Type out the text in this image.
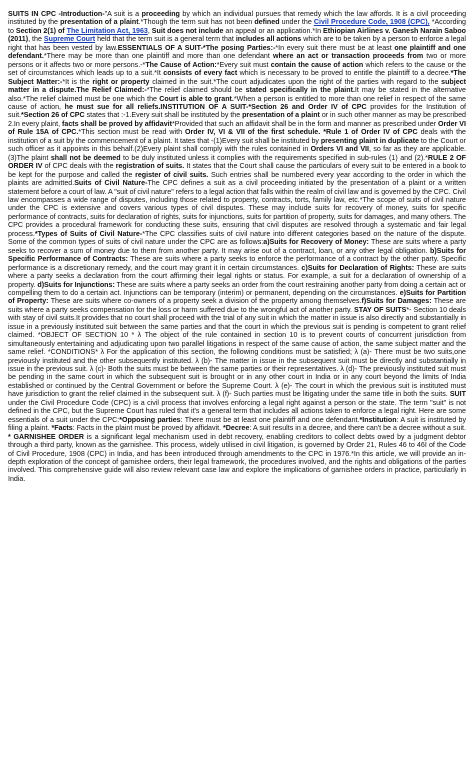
SUITS IN CPC -Introduction-"A suit is a proceeding by which an individual pursues that remedy which the law affords. It is a civil proceeding instituted by the presentation of a plaint.*Though the term suit has not been defined under the Civil Procedure Code, 1908 (CPC), *According to Section 2(1) of The Limitation Act, 1963, Suit does not include an appeal or an application.*In Ethiopian Airlines v. Ganesh Narain Saboo (2011), the Supreme Court held that the term suit is a general term that includes all actions which are to be taken by a person to enforce a legal right that has been vested by law.ESSENTIALS OF A SUIT-*The posing Parties:-*In every suit there must be at least one plaintiff and one defendant.*There may be more than one plaintiff and more than one defendant where an act or transaction proceeds from two or more persons or it affects two or more persons.-*The Cause of Action:*Every suit must contain the cause of action which refers to the cause or the set of circumstances which leads up to a suit.*It consists of every fact which is necessary to be proved to entitle the plaintiff to a decree.*The Subject Matter:-*It is the right or property claimed in the suit.*The court adjudicates upon the right of the parties with regard to the subject matter in a dispute.The Relief Claimed:-*The relief claimed should be stated specifically in the plaint.It may be stated in the alternative also.*The relief claimed must be one which the Court is able to grant.*When a person is entitled to more than one relief in respect of the same cause of action, he must sue for all reliefs.INSTITUTION OF A SUIT-*Section 26 and Order IV of CPC provides for the Institution of suit.*Section 26 of CPC states that :-1.Every suit shall be instituted by the presentation of a plaint or in such other manner as may be prescribed 2.In every plaint, facts shall be proved by affidavit*Provided that such an affidavit shall be in the form and manner as prescribed under Order VI of Rule 15A of CPC.*This section must be read with Order IV, VI & VII of the first schedule. *Rule 1 of Order IV of CPC deals with the institution of a suit by the commencement of a plaint. It tates that -(1)Every suit shall be instituted by presenting plaint in duplicate to the Court or such officer as it appoints in this behalf.(2)Every plaint shall comply with the rules contained in Orders VI and VII, so far as they are applicable.(3)The plaint shall not be deemed to be duly instituted unless it complies with the requirements specified in sub-rules (1) and (2).*RULE 2 OF ORDER IV of CPC deals with the registration of suits. It states that the Court shall cause the particulars of every suit to be entered in a book to be kept for the purpose and called the register of civil suits. Such entries shall be numbered every year according to the order in which the plaints are admitted.Suits of Civil Nature-The CPC defines a suit as a civil proceeding initiated by the presentation of a plaint or a written statement before a court of law. A "suit of civil nature" refers to a legal action that falls within the realm of civil law and is governed by the CPC. Civil law encompasses a wide range of disputes, including those related to property, contracts, torts, family law, etc.*The scope of suits of civil nature under the CPC is extensive and covers various types of civil disputes. These may include suits for recovery of money, suits for specific performance of contracts, suits for declaration of rights, suits for injunctions, suits for partition of property, suits for damages, and many others. The CPC provides a procedural framework for conducting these suits, ensuring that civil disputes are resolved through a systematic and fair legal process.*Types of Suits of Civil Nature-*The CPC classifies suits of civil nature into different categories based on the nature of the dispute. Some of the common types of suits of civil nature under the CPC are as follows:a)Suits for Recovery of Money: These are suits where a party seeks to recover a sum of money due to them from another party. It may arise out of a contract, loan, or any other legal obligation. b)Suits for Specific Performance of Contracts: These are suits where a party seeks to enforce the performance of a contract by the other party. Specific performance is a discretionary remedy, and the court may grant it in certain circumstances. c)Suits for Declaration of Rights: These are suits where a party seeks a declaration from the court affirming their legal rights or status. For example, a suit for a declaration of ownership of a property. d)Suits for Injunctions: These are suits where a party seeks an order from the court restraining another party from doing a certain act or compelling them to do a certain act. Injunctions can be temporary (interim) or permanent, depending on the circumstances. e)Suits for Partition of Property: These are suits where co-owners of a property seek a division of the property among themselves.f)Suits for Damages: These are suits where a party seeks compensation for the loss or harm suffered due to the wrongful act of another party. STAY OF SUITS*- Section 10 deals with stay of civil suits.It provides that no court shall proceed with the trial of any suit in which the matter in issue is also directly and substantially in issue in a previously instituted suit between the same parties and that the court in which the previous suit is pending is competent to grant relief claimed. *OBJECT OF SECTION 10 * λ The object of the rule contained in section 10 is to prevent courts of concurrent jurisdiction from simultaneously entertaining and adjudicating upon two parallel litigations in respect of the same cause of action, the same subject matter and the same relief. *CONDITIONS* λ For the application of this section, the following conditions must be satisfied; λ (a)- There must be two suits,one previously instituted and the other subsequently instituted. λ (b)- The matter in issue in the subsequent suit must be directly and substantially in issue in the previous suit. λ (c)- Both the suits must be between the same parties or their representatives. λ (d)- The previously instituted suit must be pending in the same court in which the subsequent suit is brought or in any other court in India or in any court beyond the limits of India established or continued by the Central Government or before the Supreme Court. λ (e)- The court in which the previous suit is instituted must have jurisdiction to grant the relief claimed in the subsequent suit. λ (f)- Such parties must be litigating under the same title in both the suits. SUIT under the Civil Procedure Code (CPC) is a civil process that involves enforcing a legal right against a person or the state. The term "suit" is not defined in the CPC, but the Supreme Court has ruled that it's a general term that includes all actions taken to enforce a legal right. Here are some essentials of a suit under the CPC:*Opposing parties: There must be at least one plaintiff and one defendant.*Institution: A suit is instituted by filing a plaint. *Facts: Facts in the plaint must be proved by affidavit. *Decree: A suit results in a decree, and there can't be a decree without a suit. * GARNISHEE ORDER is a significant legal mechanism used in debt recovery, enabling creditors to collect debts owed by a judgment debtor through a third party, known as the garnishee. This process, widely utilised in civil litigation, is governed by Order 21, Rules 46 to 46I of the Code of Civil Procedure, 1908 (CPC) in India, and has been introduced through amendments to the CPC in 1976.*In this article, we will provide an in-depth exploration of the concept of garnishee orders, their legal framework, the procedures involved, and the rights and obligations of the parties involved. This comprehensive guide will also review relevant case law and explore the implications of garnishee orders in practice, particularly in India.
